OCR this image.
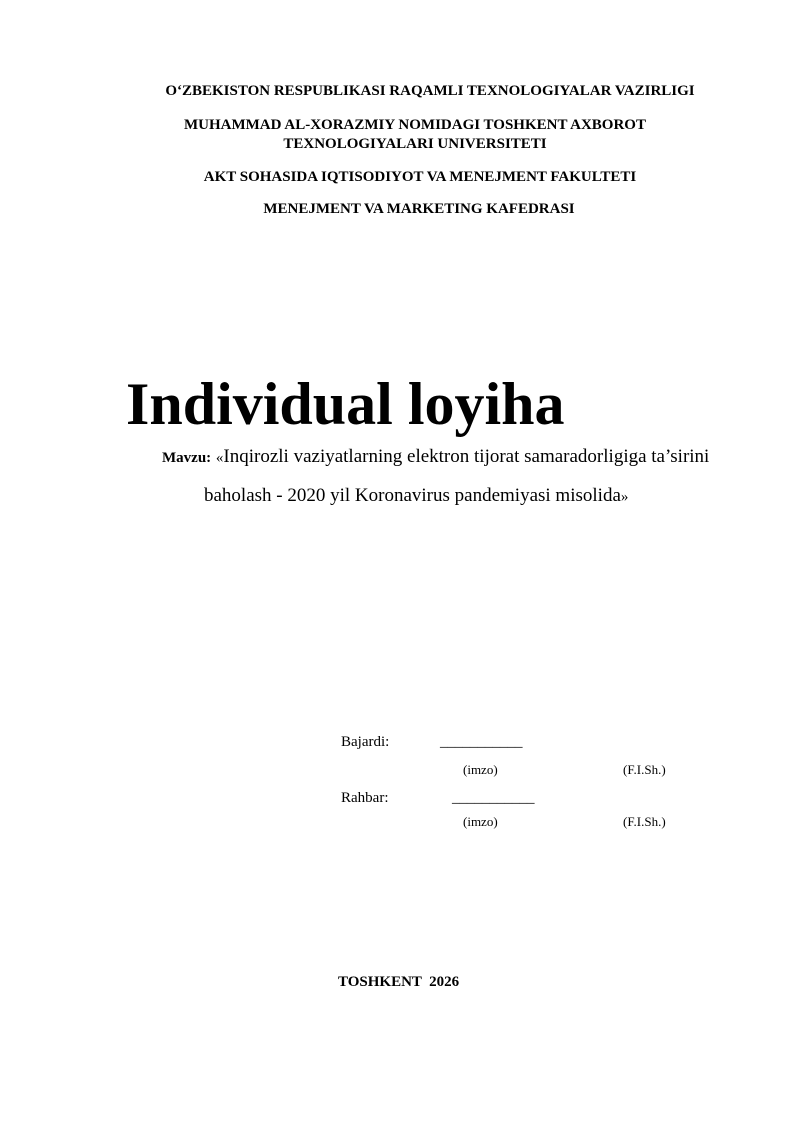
O‘ZBEKISTON RESPUBLIKASI RAQAMLI TEXNOLOGIYALAR VAZIRLIGI
MUHAMMAD AL-XORAZMIY NOMIDAGI TOSHKENT AXBOROT
TEXNOLOGIYALARI UNIVERSITETI
AKT SOHASIDA IQTISODIYOT VA MENEJMENT FAKULTETI
MENEJMENT VA MARKETING KAFEDRASI
Individual loyiha
Mavzu: «Inqirozli vaziyatlarning elektron tijorat samaradorligiga ta’sirini
baholash - 2020 yil Koronavirus pandemiyasi misolida»
Bajardi:	___________
(imzo)	(F.I.Sh.)
Rahbar:	___________
(imzo)	(F.I.Sh.)
TOSHKENT  2026
